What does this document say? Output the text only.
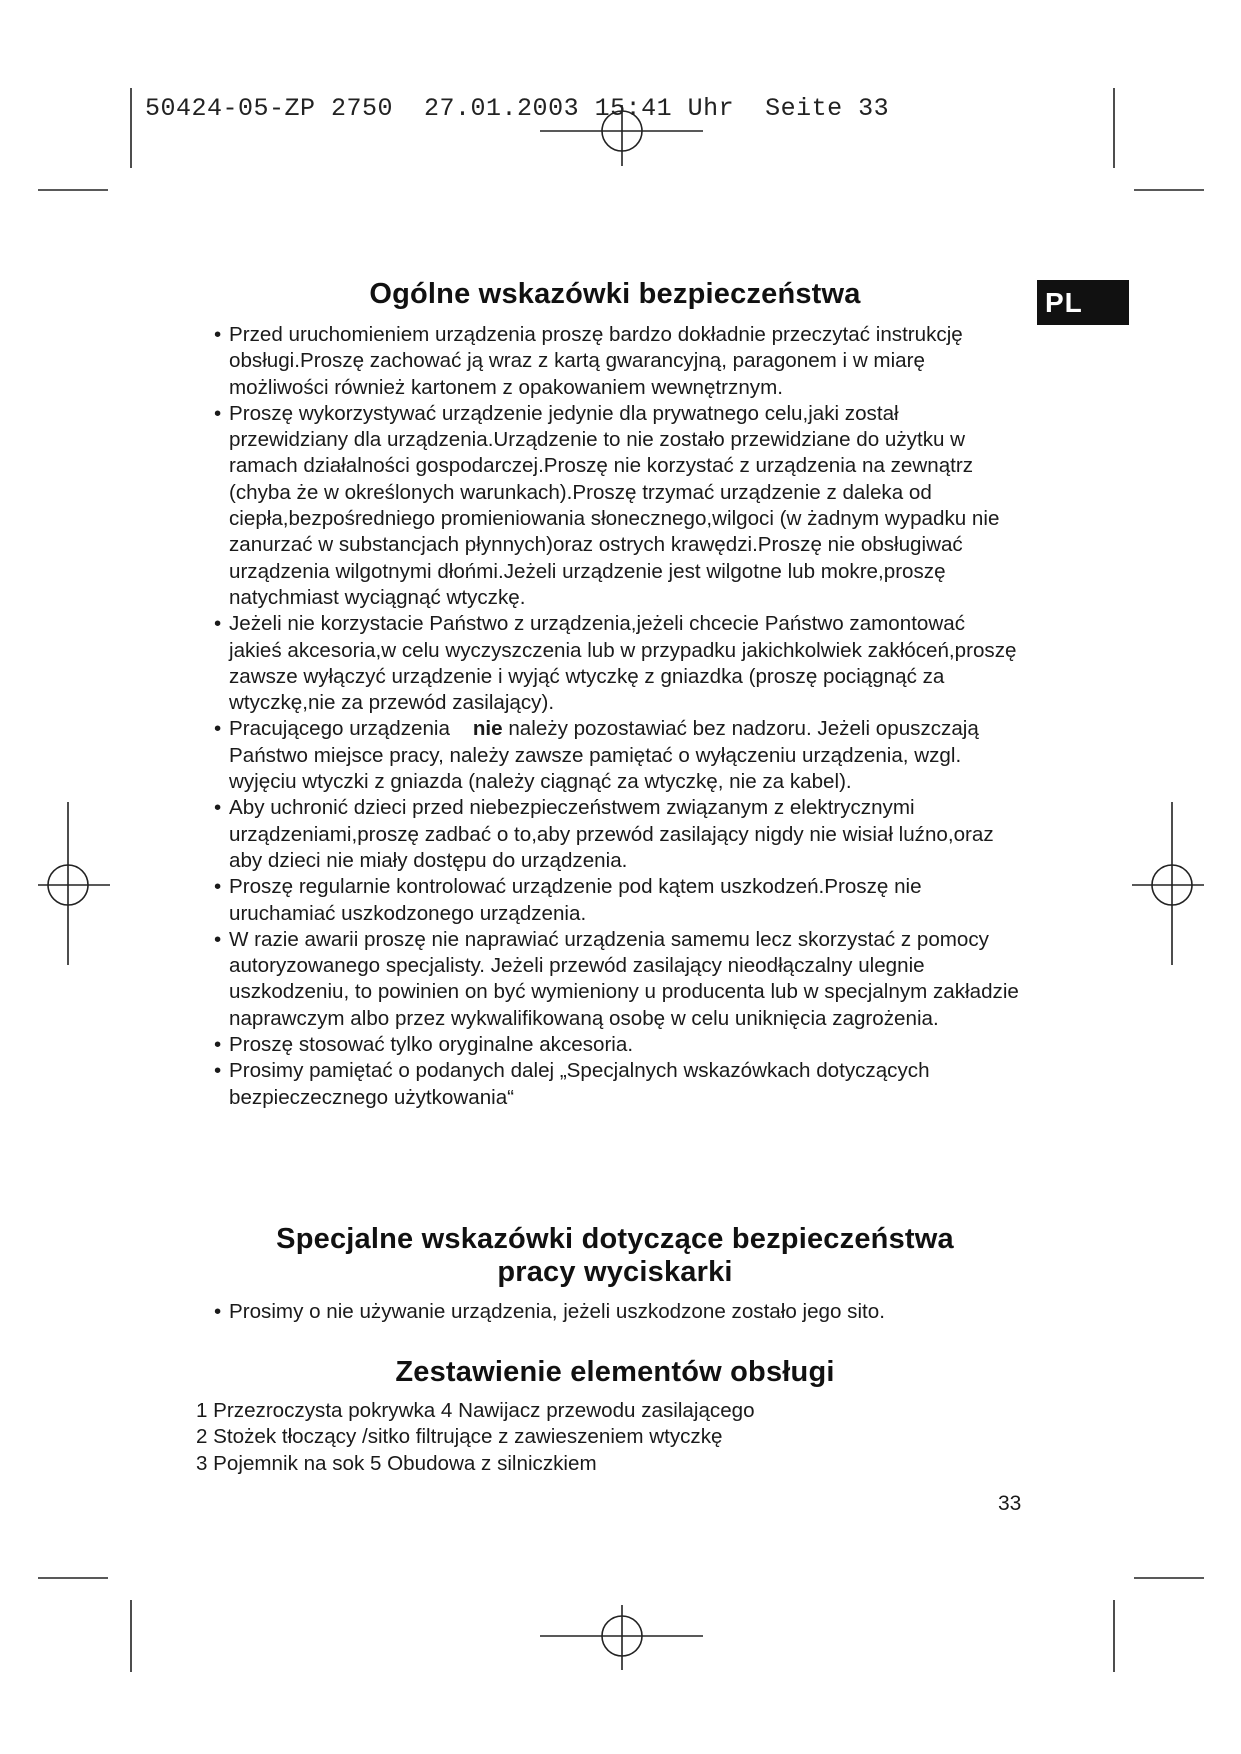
50424-05-ZP 2750  27.01.2003 15:41 Uhr  Seite 33
PL
Ogólne wskazówki bezpieczeństwa
• Przed uruchomieniem urządzenia proszę bardzo dokładnie przeczytać instrukcję obsługi.Proszę zachować ją wraz z kartą gwarancyjną, paragonem i w miarę możliwości również kartonem z opakowaniem wewnętrznym.
• Proszę wykorzystywać urządzenie jedynie dla prywatnego celu,jaki został przewidziany dla urządzenia.Urządzenie to nie zostało przewidziane do użytku w ramach działalności gospodarczej.Proszę nie korzystać z urządzenia na zewnątrz (chyba że w określonych warunkach).Proszę trzymać urządzenie z daleka od ciepła,bezpośredniego promieniowania słonecznego,wilgoci (w żadnym wypadku nie zanurzać w substancjach płynnych)oraz ostrych krawędzi.Proszę nie obsługiwać urządzenia wilgotnymi dłońmi.Jeżeli urządzenie jest wilgotne lub mokre,proszę natychmiast wyciągnąć wtyczkę.
• Jeżeli nie korzystacie Państwo z urządzenia,jeżeli chcecie Państwo zamontować jakieś akcesoria,w celu wyczyszczenia lub w przypadku jakichkolwiek zakłóceń,proszę zawsze wyłączyć urządzenie i wyjąć wtyczkę z gniazdka (proszę pociągnąć za wtyczkę,nie za przewód zasilający).
• Pracującego urządzenia nie należy pozostawiać bez nadzoru. Jeżeli opuszczają Państwo miejsce pracy, należy zawsze pamiętać o wyłączeniu urządzenia, wzgl. wyjęciu wtyczki z gniazda (należy ciągnąć za wtyczkę, nie za kabel).
• Aby uchronić dzieci przed niebezpieczeństwem związanym z elektrycznymi urządzeniami,proszę zadbać o to,aby przewód zasilający nigdy nie wisiał luźno,oraz aby dzieci nie miały dostępu do urządzenia.
• Proszę regularnie kontrolować urządzenie pod kątem uszkodzeń.Proszę nie uruchamiać uszkodzonego urządzenia.
• W razie awarii proszę nie naprawiać urządzenia samemu lecz skorzystać z pomocy autoryzowanego specjalisty. Jeżeli przewód zasilający nieodłączalny ulegnie uszkodzeniu, to powinien on być wymieniony u producenta lub w specjalnym zakładzie naprawczym albo przez wykwalifikowaną osobę w celu uniknięcia zagrożenia.
• Proszę stosować tylko oryginalne akcesoria.
• Prosimy pamiętać o podanych dalej „Specjalnych wskazówkach dotyczących bezpieczecznego użytkowania“
Specjalne wskazówki dotyczące bezpieczeństwa
pracy wyciskarki
• Prosimy o nie używanie urządzenia, jeżeli uszkodzone zostało jego sito.
Zestawienie elementów obsługi
1 Przezroczysta pokrywka 4 Nawijacz przewodu zasilającego
2 Stożek tłoczący /sitko filtrujące z zawieszeniem wtyczkę
3 Pojemnik na sok 5 Obudowa z silniczkiem
33
